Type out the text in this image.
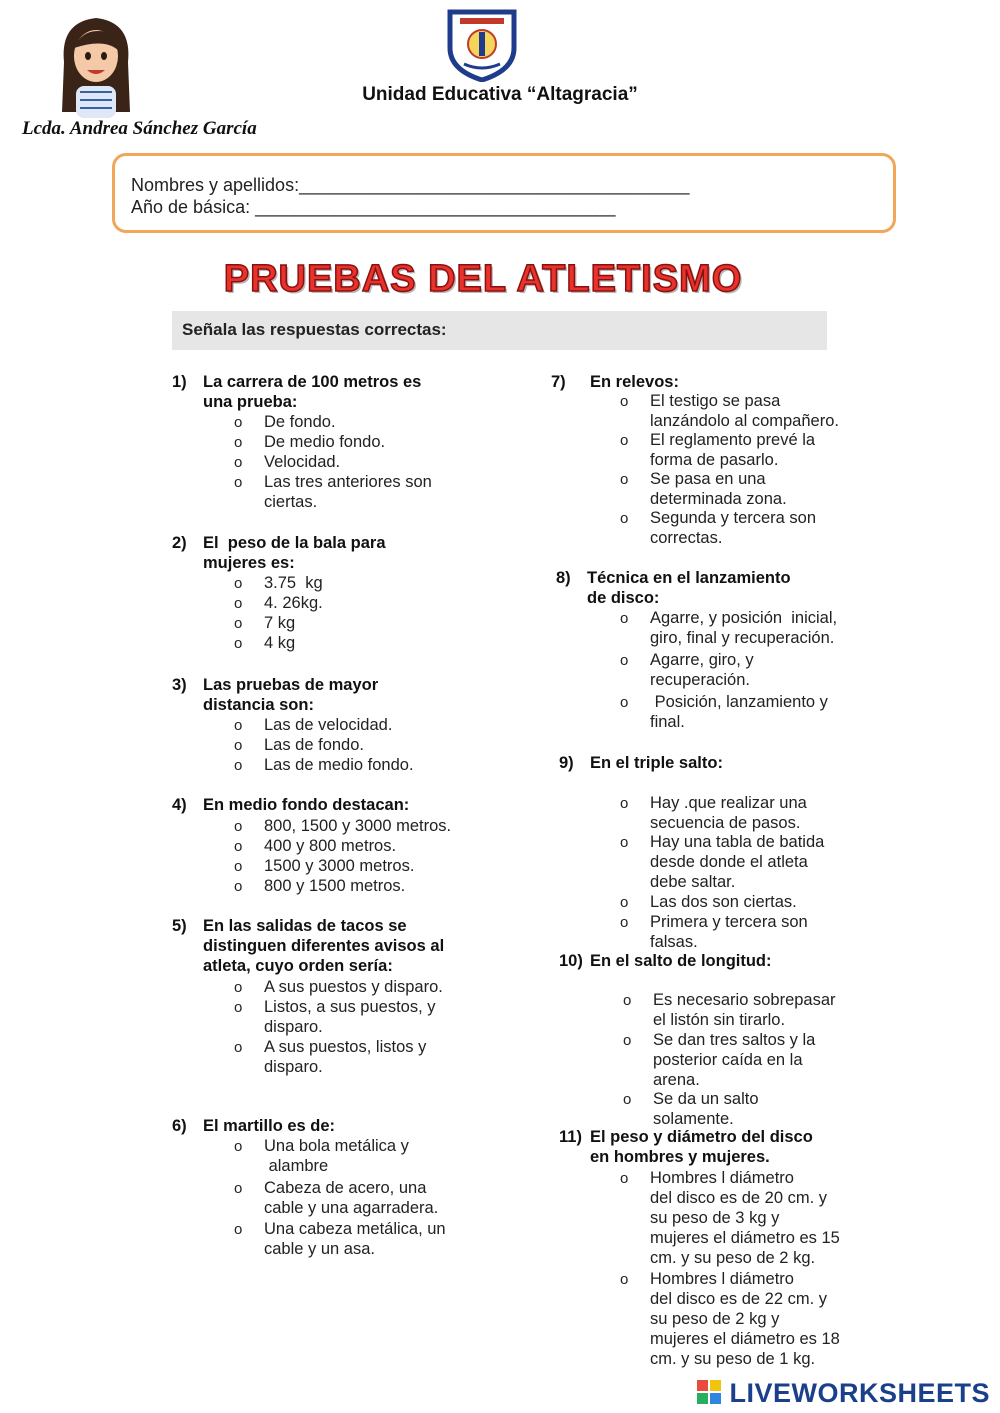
Lcda. Andrea Sánchez García
Unidad Educativa “Altagracia”
Nombres y apellidos:_______________________________________
Año de básica: ____________________________________
PRUEBAS DEL ATLETISMO
Señala las respuestas correctas:
1) La carrera de 100 metros es
una prueba:
o De fondo.
o De medio fondo.
o Velocidad.
o Las tres anteriores son
ciertas.
2) El  peso de la bala para
mujeres es:
o 3.75  kg
o 4. 26kg.
o 7 kg
o 4 kg
3) Las pruebas de mayor
distancia son:
o Las de velocidad.
o Las de fondo.
o Las de medio fondo.
4) En medio fondo destacan:
o 800, 1500 y 3000 metros.
o 400 y 800 metros.
o 1500 y 3000 metros.
o 800 y 1500 metros.
5) En las salidas de tacos se
distinguen diferentes avisos al
atleta, cuyo orden sería:
o A sus puestos y disparo.
o Listos, a sus puestos, y
disparo.
o A sus puestos, listos y
disparo.
6) El martillo es de:
o Una bola metálica y
alambre
o Cabeza de acero, una
cable y una agarradera.
o Una cabeza metálica, un
cable y un asa.
7) En relevos:
o El testigo se pasa
lanzándolo al compañero.
o El reglamento prevé la
forma de pasarlo.
o Se pasa en una
determinada zona.
o Segunda y tercera son
correctas.
8) Técnica en el lanzamiento
de disco:
o Agarre, y posición  inicial,
giro, final y recuperación.
o Agarre, giro, y
recuperación.
o Posición, lanzamiento y
final.
9) En el triple salto:
o Hay .que realizar una
secuencia de pasos.
o Hay una tabla de batida
desde donde el atleta
debe saltar.
o Las dos son ciertas.
o Primera y tercera son
falsas.
10) En el salto de longitud:
o Es necesario sobrepasar
el listón sin tirarlo.
o Se dan tres saltos y la
posterior caída en la
arena.
o Se da un salto
solamente.
11) El peso y diámetro del disco
en hombres y mujeres.
o Hombres l diámetro
del disco es de 20 cm. y
su peso de 3 kg y
mujeres el diámetro es 15
cm. y su peso de 2 kg.
o Hombres l diámetro
del disco es de 22 cm. y
su peso de 2 kg y
mujeres el diámetro es 18
cm. y su peso de 1 kg.
LIVEWORKSHEETS
